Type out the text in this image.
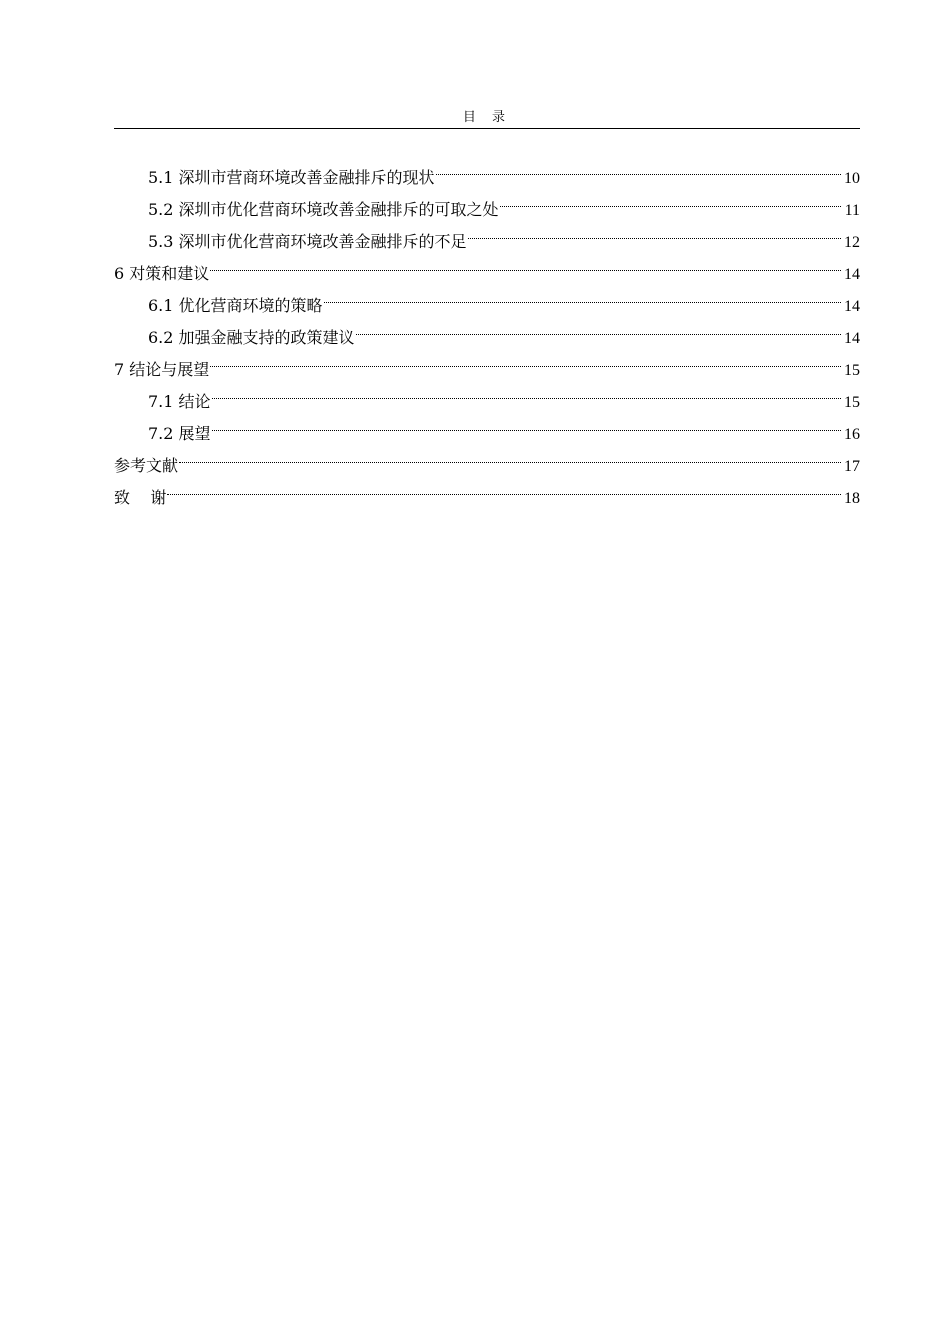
目 录
5.1 深圳市营商环境改善金融排斥的现状	10
5.2 深圳市优化营商环境改善金融排斥的可取之处	11
5.3 深圳市优化营商环境改善金融排斥的不足	12
6 对策和建议	14
6.1 优化营商环境的策略	14
6.2 加强金融支持的政策建议	14
7 结论与展望	15
7.1 结论	15
7.2 展望	16
参考文献	17
致    谢	18
